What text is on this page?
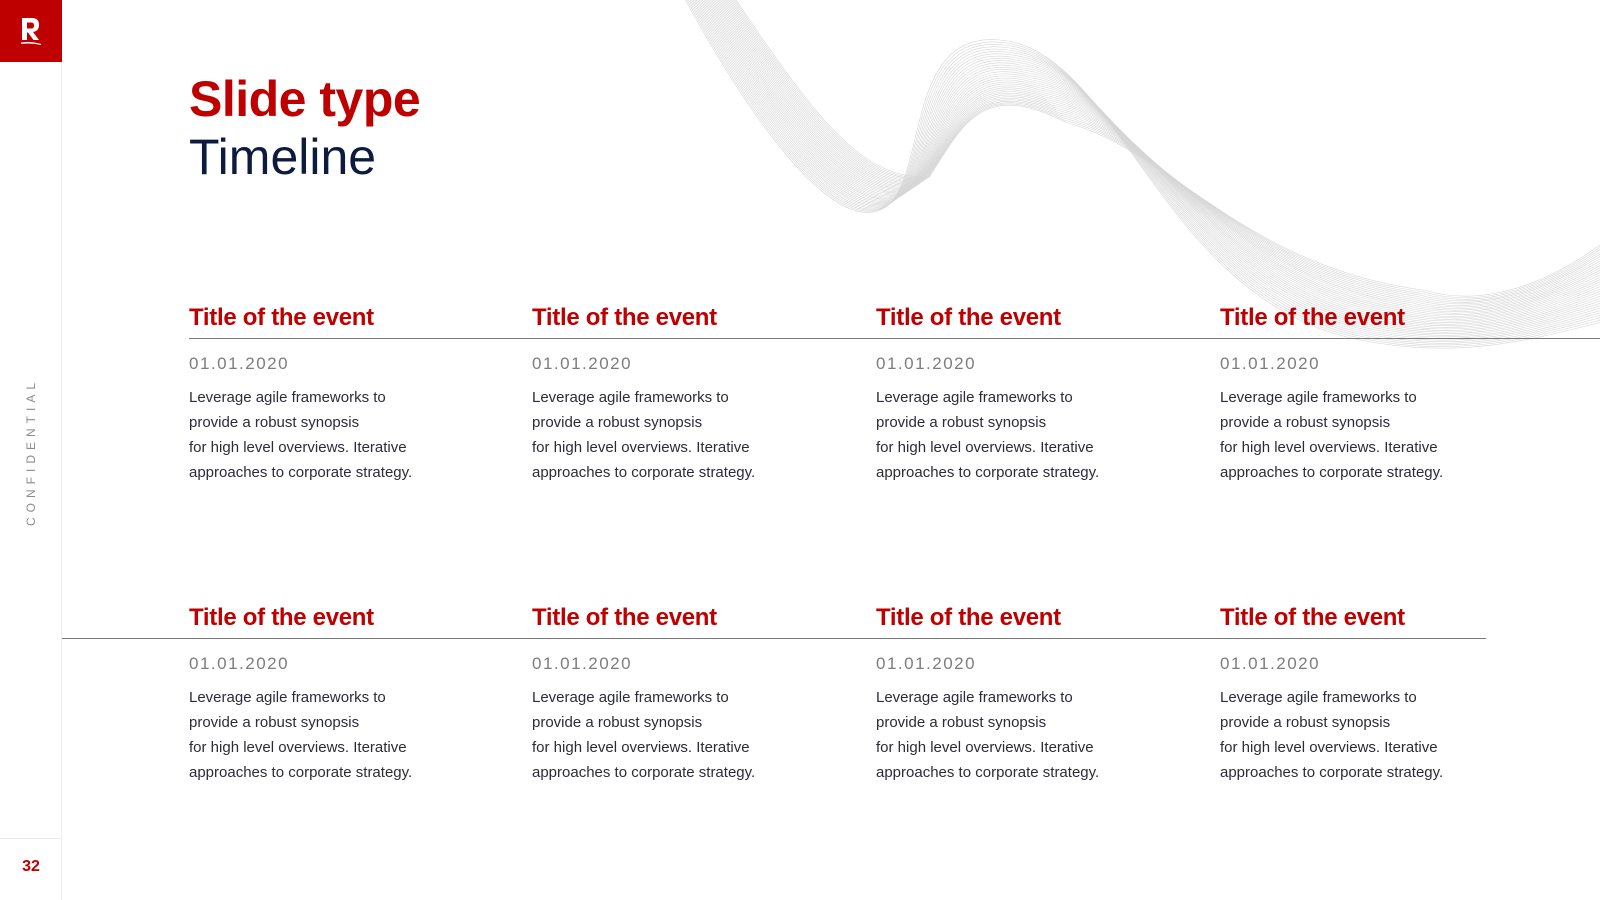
CONFIDENTIAL
32
Slide type
Timeline
Title of the event
01.01.2020
Leverage agile frameworks to
provide a robust synopsis
for high level overviews. Iterative
approaches to corporate strategy.
Title of the event
01.01.2020
Leverage agile frameworks to
provide a robust synopsis
for high level overviews. Iterative
approaches to corporate strategy.
Title of the event
01.01.2020
Leverage agile frameworks to
provide a robust synopsis
for high level overviews. Iterative
approaches to corporate strategy.
Title of the event
01.01.2020
Leverage agile frameworks to
provide a robust synopsis
for high level overviews. Iterative
approaches to corporate strategy.
Title of the event
01.01.2020
Leverage agile frameworks to
provide a robust synopsis
for high level overviews. Iterative
approaches to corporate strategy.
Title of the event
01.01.2020
Leverage agile frameworks to
provide a robust synopsis
for high level overviews. Iterative
approaches to corporate strategy.
Title of the event
01.01.2020
Leverage agile frameworks to
provide a robust synopsis
for high level overviews. Iterative
approaches to corporate strategy.
Title of the event
01.01.2020
Leverage agile frameworks to
provide a robust synopsis
for high level overviews. Iterative
approaches to corporate strategy.
